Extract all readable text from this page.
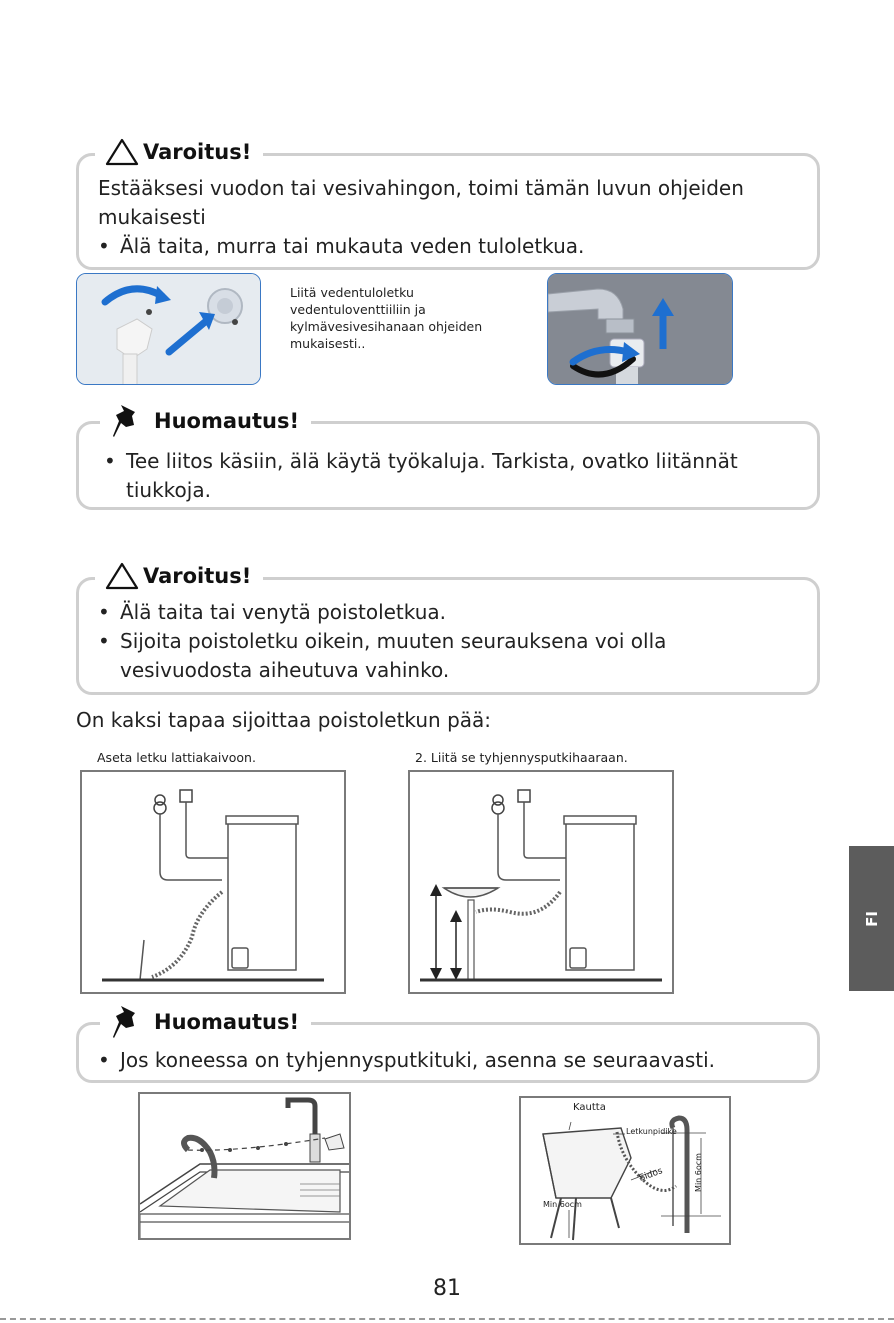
Varoitus!
Estääksesi vuodon tai vesivahingon, toimi tämän luvun ohjeiden mukaisesti
• Älä taita, murra tai mukauta veden tuloletkua.
Liitä vedentuloletku vedentuloventtiiliin ja kylmävesivesihanaan ohjeiden mukaisesti..
Huomautus!
• Tee liitos käsiin, älä käytä työkaluja. Tarkista, ovatko liitännät tiukkoja.
Varoitus!
• Älä taita tai venytä poistoletkua.
• Sijoita poistoletku oikein, muuten seurauksena voi olla vesivuodosta aiheutuva vahinko.
On kaksi tapaa sijoittaa poistoletkun pää:
Aseta letku lattiakaivoon.	2. Liitä se tyhjennysputkihaaraan.
Huomautus!
• Jos koneessa on tyhjennysputkituki, asenna se seuraavasti.
Kautta
Letkunpidike
Sidos
Min 6ocm
Min 6ocm
FI
81
